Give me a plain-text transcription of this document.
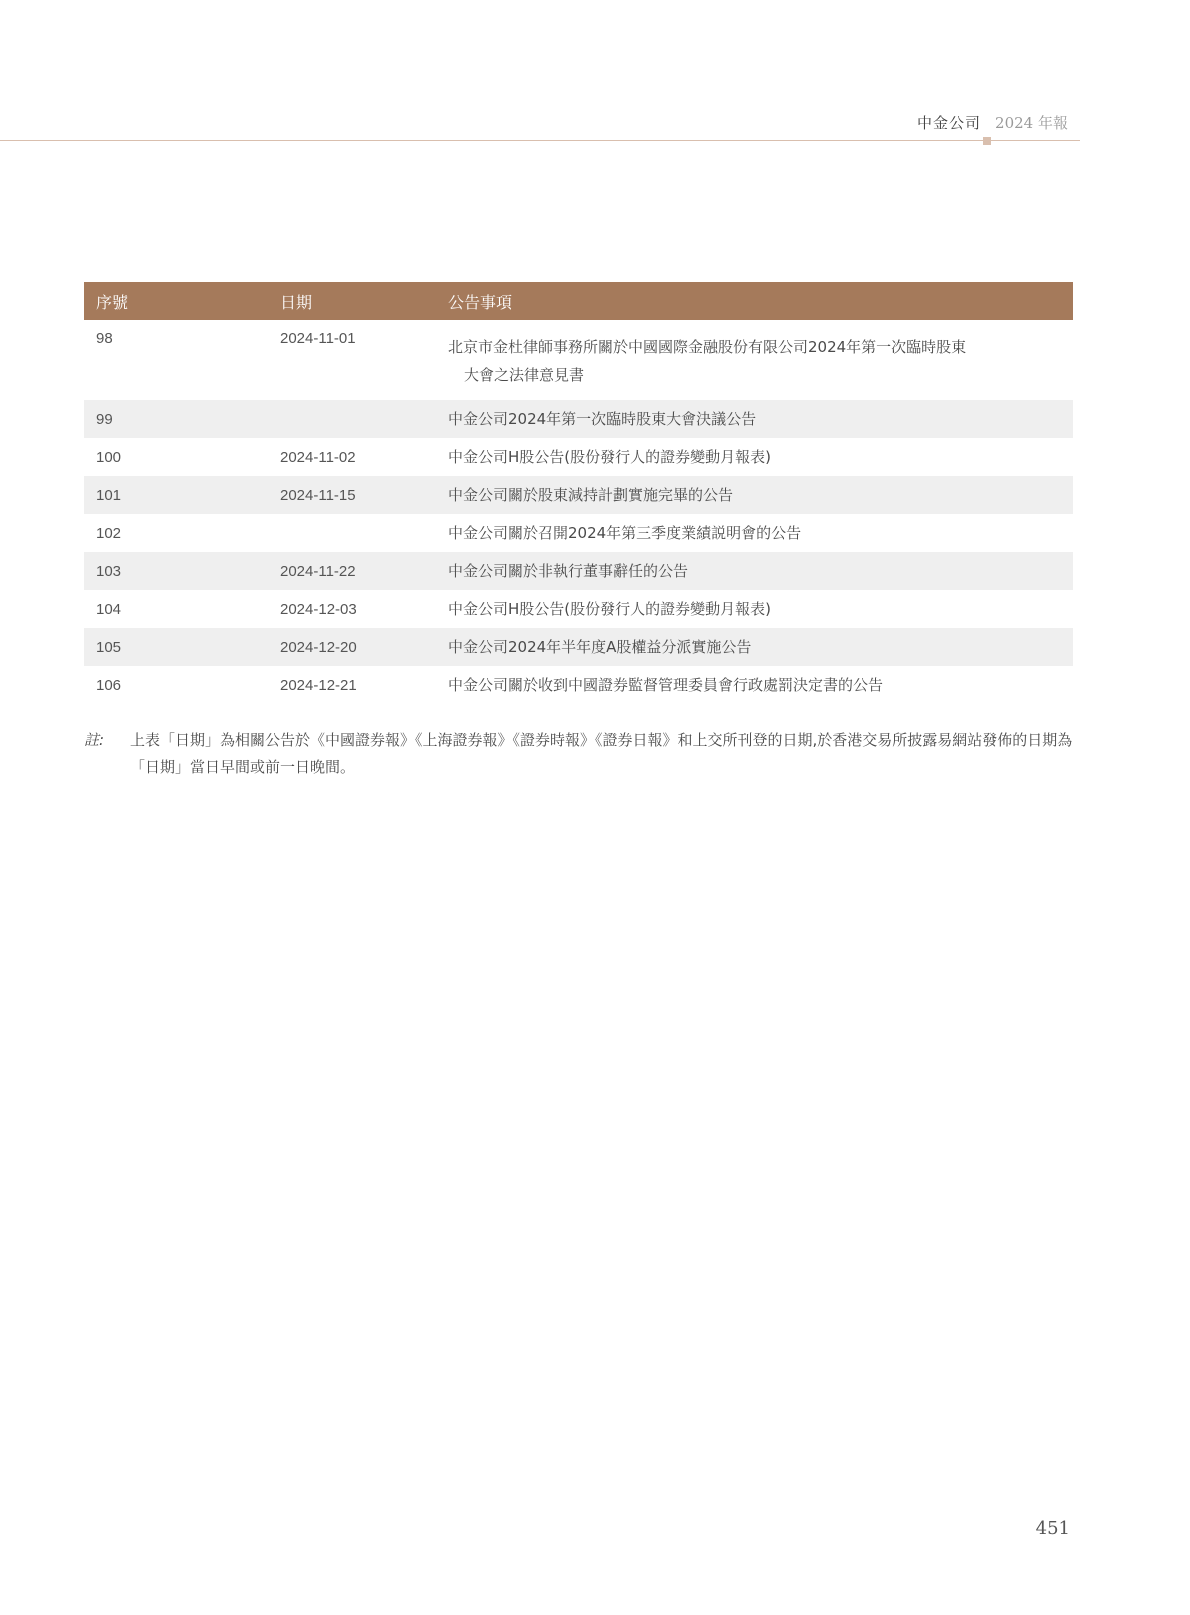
中金公司 2024 年報
序號	日期	公告事項
98	2024-11-01	北京市金杜律師事務所關於中國國際金融股份有限公司2024年第一次臨時股東
大會之法律意見書

99		中金公司2024年第一次臨時股東大會決議公告
100	2024-11-02	中金公司H股公告(股份發行人的證券變動月報表)
101	2024-11-15	中金公司關於股東減持計劃實施完畢的公告
102		中金公司關於召開2024年第三季度業績説明會的公告
103	2024-11-22	中金公司關於非執行董事辭任的公告
104	2024-12-03	中金公司H股公告(股份發行人的證券變動月報表)
105	2024-12-20	中金公司2024年半年度A股權益分派實施公告
106	2024-12-21	中金公司關於收到中國證券監督管理委員會行政處罰決定書的公告
註: 上表「日期」為相關公告於《中國證券報》《上海證券報》《證券時報》《證券日報》和上交所刊登的日期,於香港交易所披露易網站發佈的日期為「日期」當日早間或前一日晚間。
451
